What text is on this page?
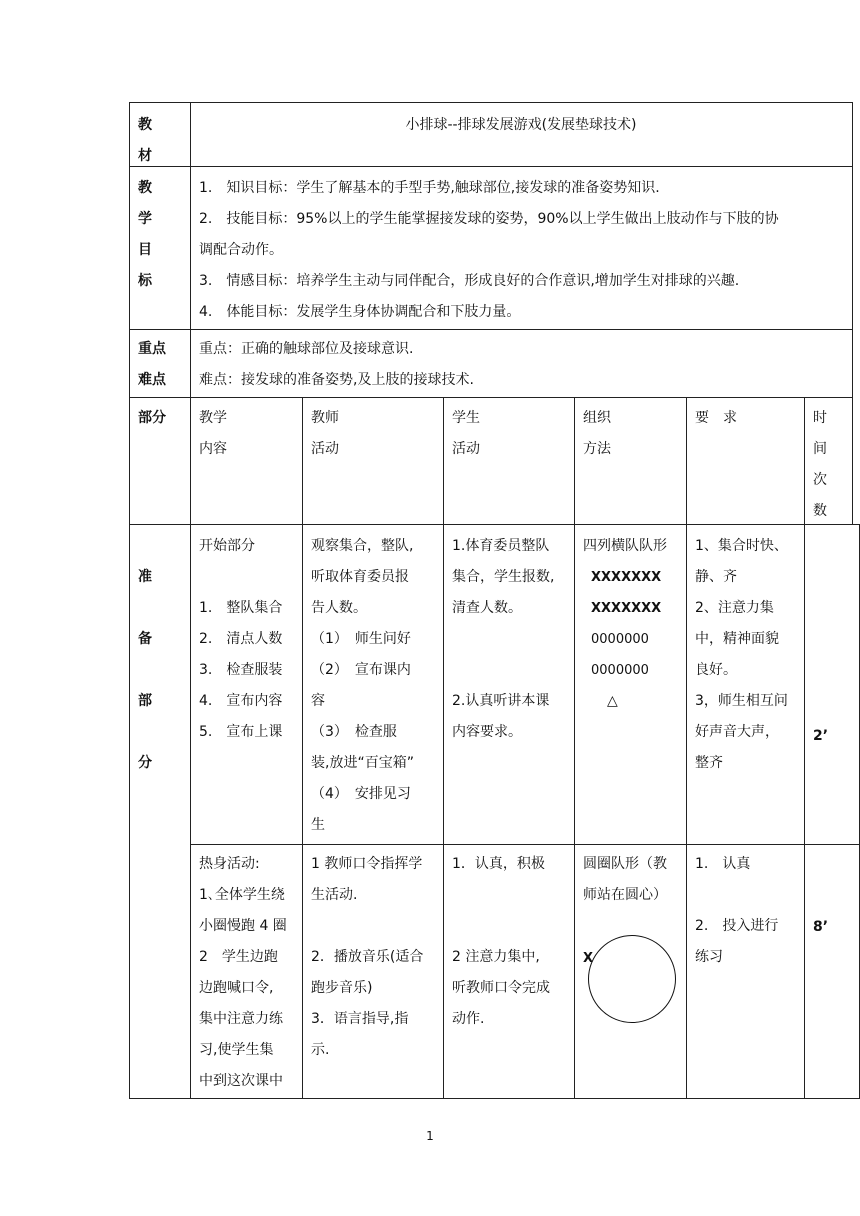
教
材
小排球--排球发展游戏(发展垫球技术)
教
学
目
标
1.　知识目标：学生了解基本的手型手势,触球部位,接发球的准备姿势知识.
2.　技能目标：95%以上的学生能掌握接发球的姿势，90%以上学生做出上肢动作与下肢的协
调配合动作。
3.　情感目标：培养学生主动与同伴配合，形成良好的合作意识,增加学生对排球的兴趣.
4.　体能目标：发展学生身体协调配合和下肢力量。
重点
难点
重点：正确的触球部位及接球意识.
难点：接发球的准备姿势,及上肢的接球技术.
部分 教学
内容
教师
活动
学生
活动
组织
方法
要　求	时
间
次
数
准

备

部

分
开始部分

1.　整队集合
2.　清点人数
3.　检查服装
4.　宣布内容
5.　宣布上课
观察集合，整队,
听取体育委员报
告人数。
（1）　师生问好
（2）　宣布课内
容
（3）　检查服
装,放进“百宝箱”
（4）　安排见习
生
1.体育委员整队
集合，学生报数,
清查人数。

2.认真听讲本课
内容要求。
四列横队队形
XXXXXXX
XXXXXXX
0000000
0000000
△
1、集合时快、
静、齐
2、注意力集
中，精神面貌
良好。
3，师生相互问
好声音大声，
整齐
2’
热身活动:
1､全体学生绕
小圈慢跑 4 圈
2　学生边跑
边跑喊口令,
集中注意力练
习,使学生集
中到这次课中
1 教师口令指挥学
生活动.

2．播放音乐(适合
跑步音乐)
3．语言指导,指
示.
1．认真，积极

2 注意力集中,
听教师口令完成
动作.
圆圈队形（教
师站在圆心）
X
1.　认真

2.　投入进行
练习
8’
1
